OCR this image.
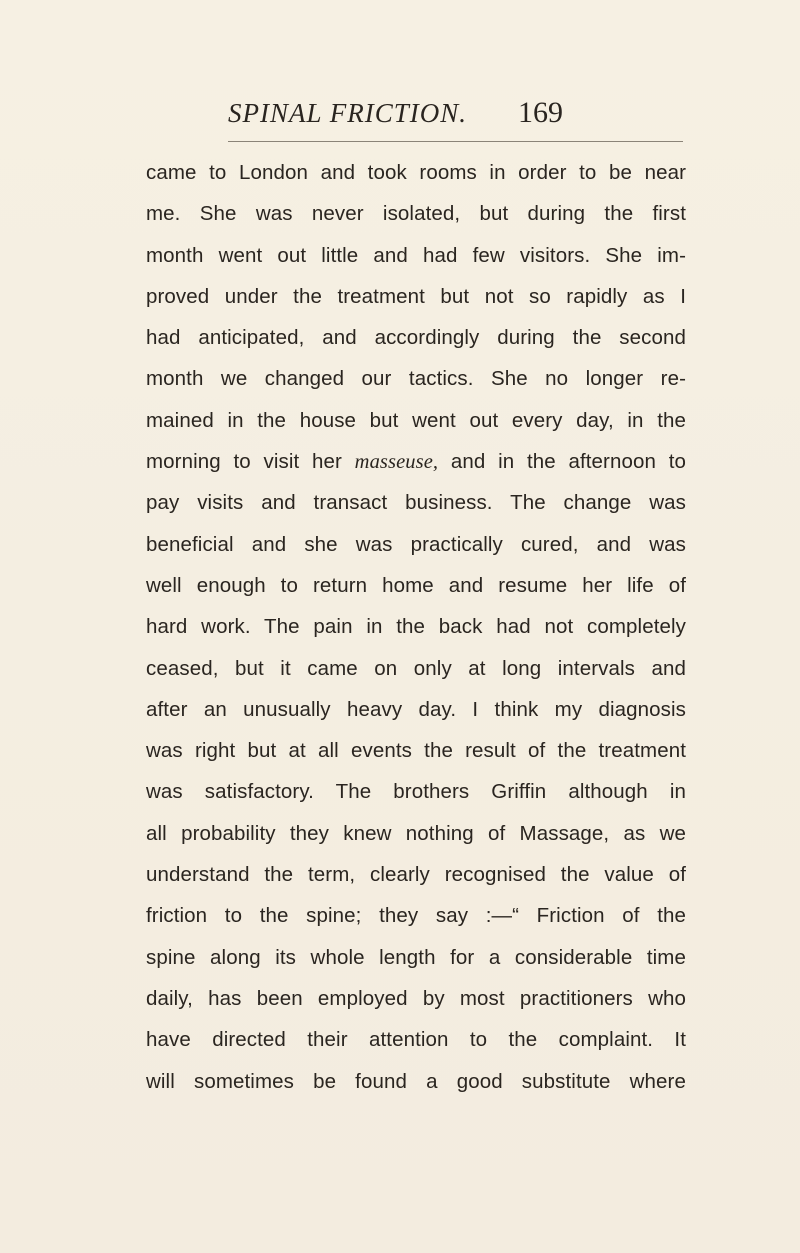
SPINAL FRICTION. 169
came to London and took rooms in order to be near
me. She was never isolated, but during the first
month went out little and had few visitors. She im-
proved under the treatment but not so rapidly as I
had anticipated, and accordingly during the second
month we changed our tactics. She no longer re-
mained in the house but went out every day, in the
morning to visit her masseuse, and in the afternoon to
pay visits and transact business. The change was
beneficial and she was practically cured, and was
well enough to return home and resume her life of
hard work. The pain in the back had not completely
ceased, but it came on only at long intervals and
after an unusually heavy day. I think my diagnosis
was right but at all events the result of the treatment
was satisfactory. The brothers Griffin although in
all probability they knew nothing of Massage, as we
understand the term, clearly recognised the value of
friction to the spine; they say :—“ Friction of the
spine along its whole length for a considerable time
daily, has been employed by most practitioners who
have directed their attention to the complaint. It
will sometimes be found a good substitute where
